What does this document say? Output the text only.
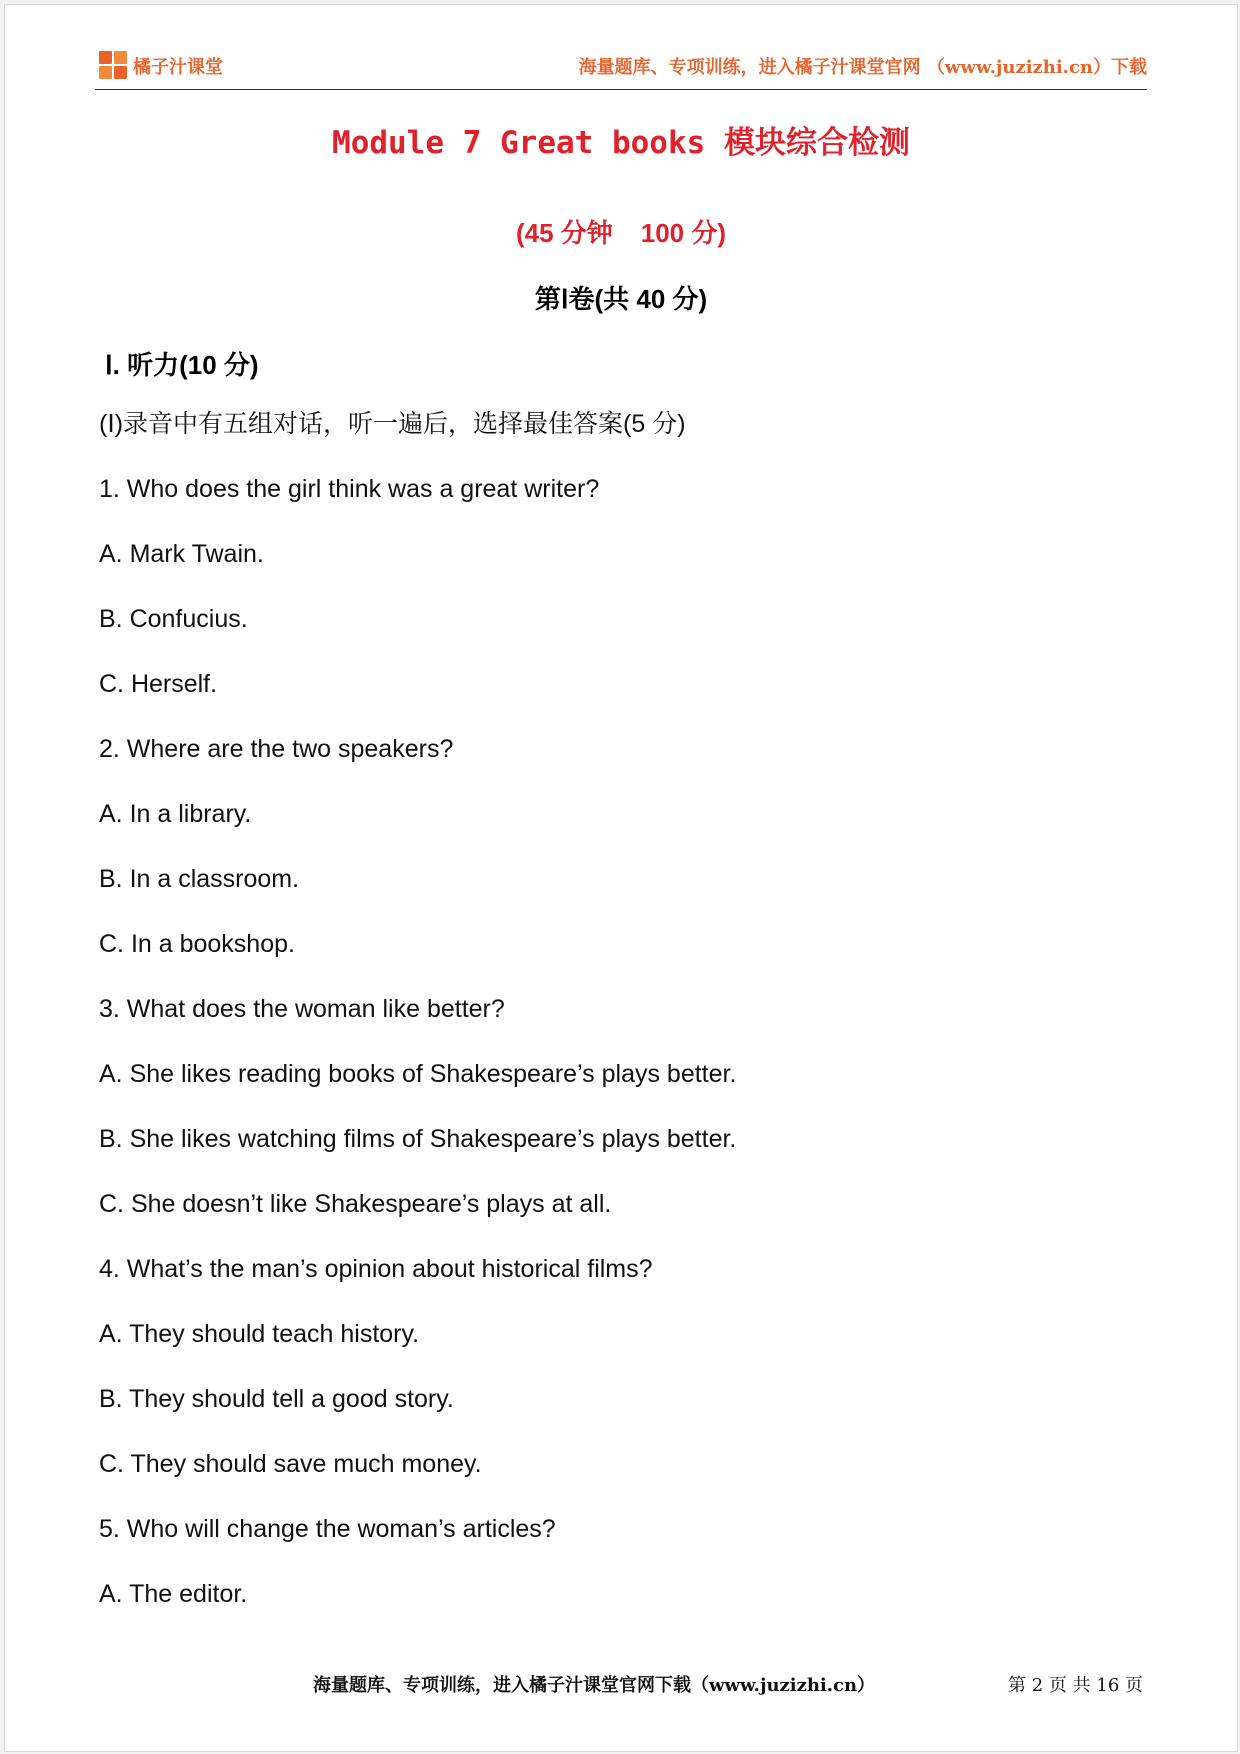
橘子汁课堂	海量题库、专项训练，进入橘子汁课堂官网 （www.juzizhi.cn）下载
Module 7 Great books 模块综合检测
(45 分钟 100 分)
第Ⅰ卷(共 40 分)
Ⅰ. 听力(10 分)
(Ⅰ)录音中有五组对话，听一遍后，选择最佳答案(5 分)
1. Who does the girl think was a great writer?
A. Mark Twain.
B. Confucius.
C. Herself.
2. Where are the two speakers?
A. In a library.
B. In a classroom.
C. In a bookshop.
3. What does the woman like better?
A. She likes reading books of Shakespeare’s plays better.
B. She likes watching films of Shakespeare’s plays better.
C. She doesn’t like Shakespeare’s plays at all.
4. What’s the man’s opinion about historical films?
A. They should teach history.
B. They should tell a good story.
C. They should save much money.
5. Who will change the woman’s articles?
A. The editor.
海量题库、专项训练，进入橘子汁课堂官网下载（www.juzizhi.cn）	第 2 页 共 16 页
